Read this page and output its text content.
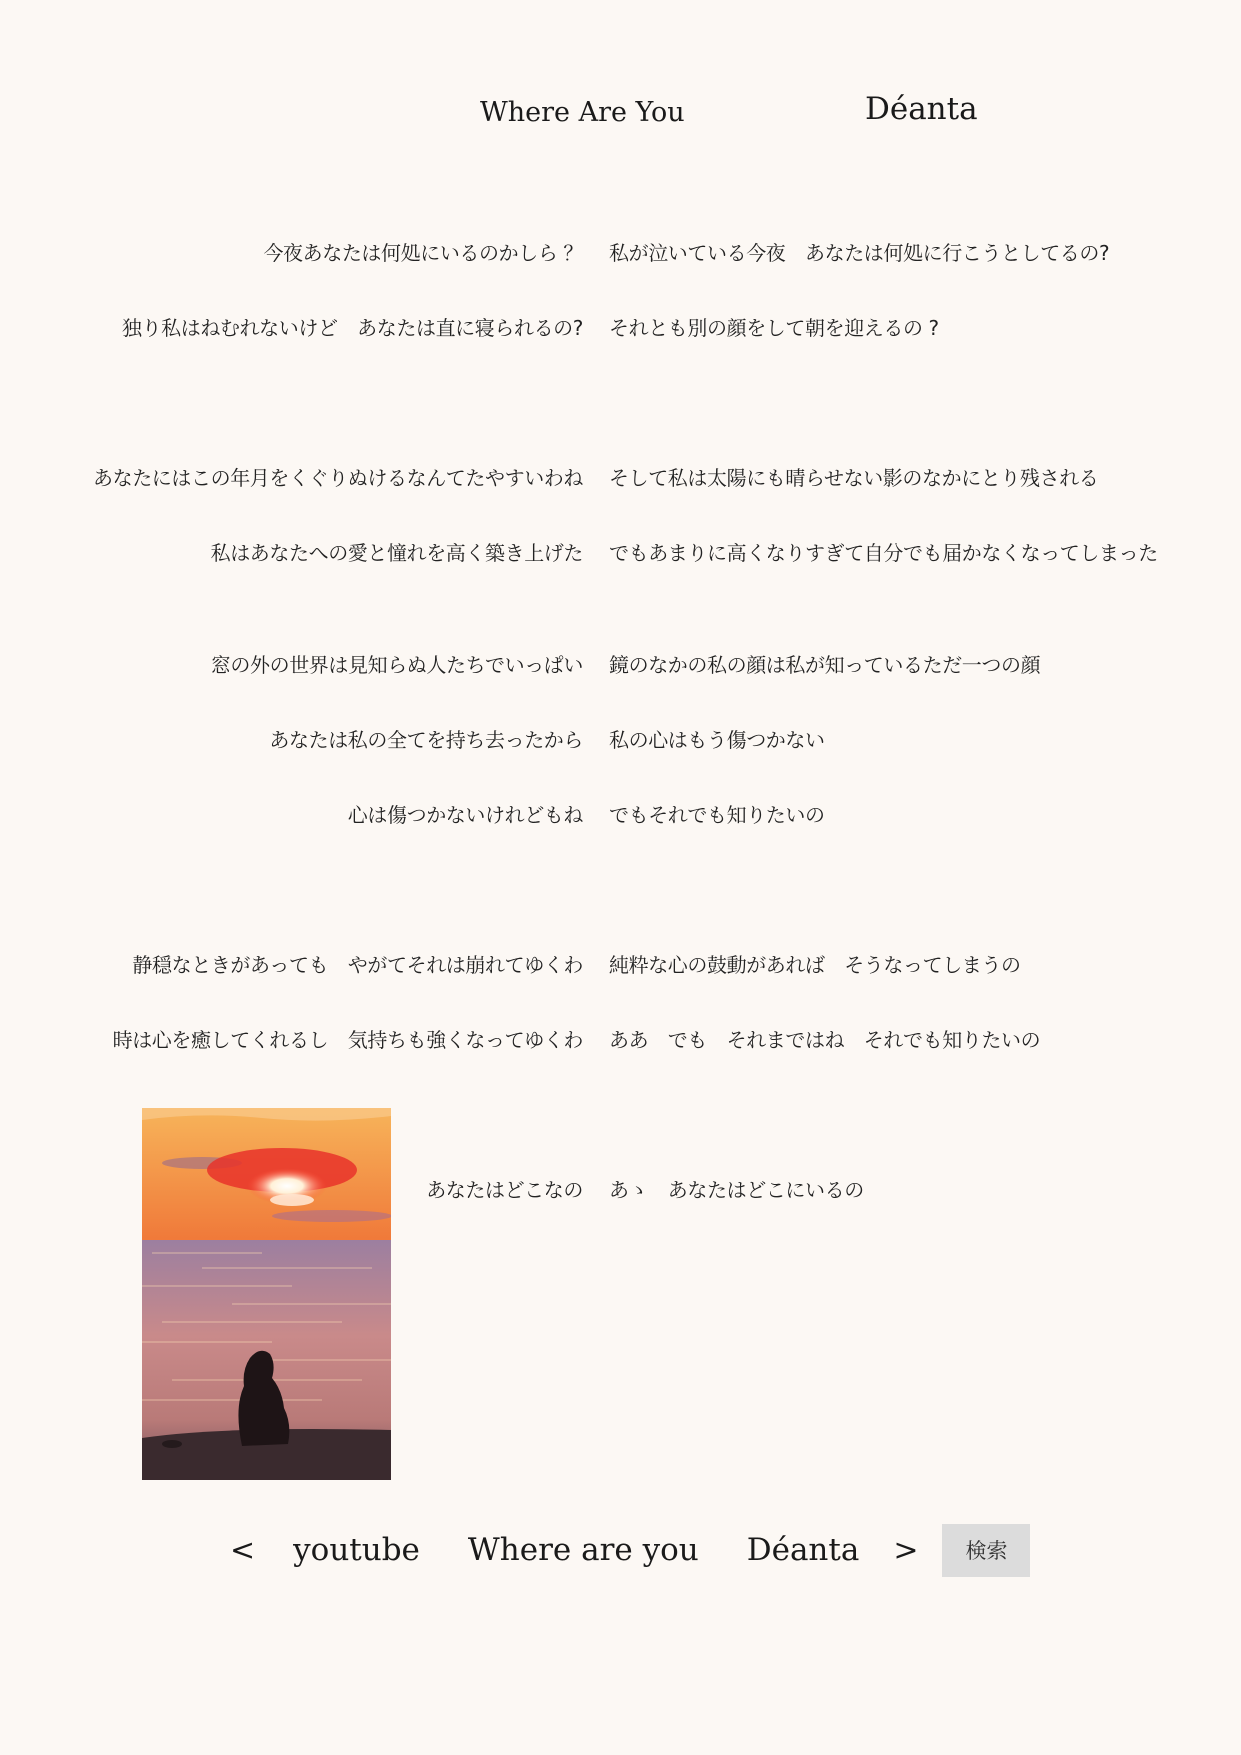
Where Are You	Déanta
今夜あなたは何処にいるのかしら ？ 私が泣いている今夜　あなたは何処に行こうとしてるの?
独り私はねむれないけど　あなたは直に寝られるの? それとも別の顔をして朝を迎えるの ?
あなたにはこの年月をくぐりぬけるなんてたやすいわね そして私は太陽にも晴らせない影のなかにとり残される
私はあなたへの愛と憧れを高く築き上げた でもあまりに高くなりすぎて自分でも届かなくなってしまった
窓の外の世界は見知らぬ人たちでいっぱい 鏡のなかの私の顔は私が知っているただ一つの顔
あなたは私の全てを持ち去ったから 私の心はもう傷つかない
心は傷つかないけれどもね でもそれでも知りたいの
静穏なときがあっても　やがてそれは崩れてゆくわ 純粋な心の鼓動があれば　そうなってしまうの
時は心を癒してくれるし　気持ちも強くなってゆくわ ああ　でも　それまではね　それでも知りたいの
あなたはどこなの あゝ　あなたはどこにいるの
< youtube Where are you Déanta >	検索
